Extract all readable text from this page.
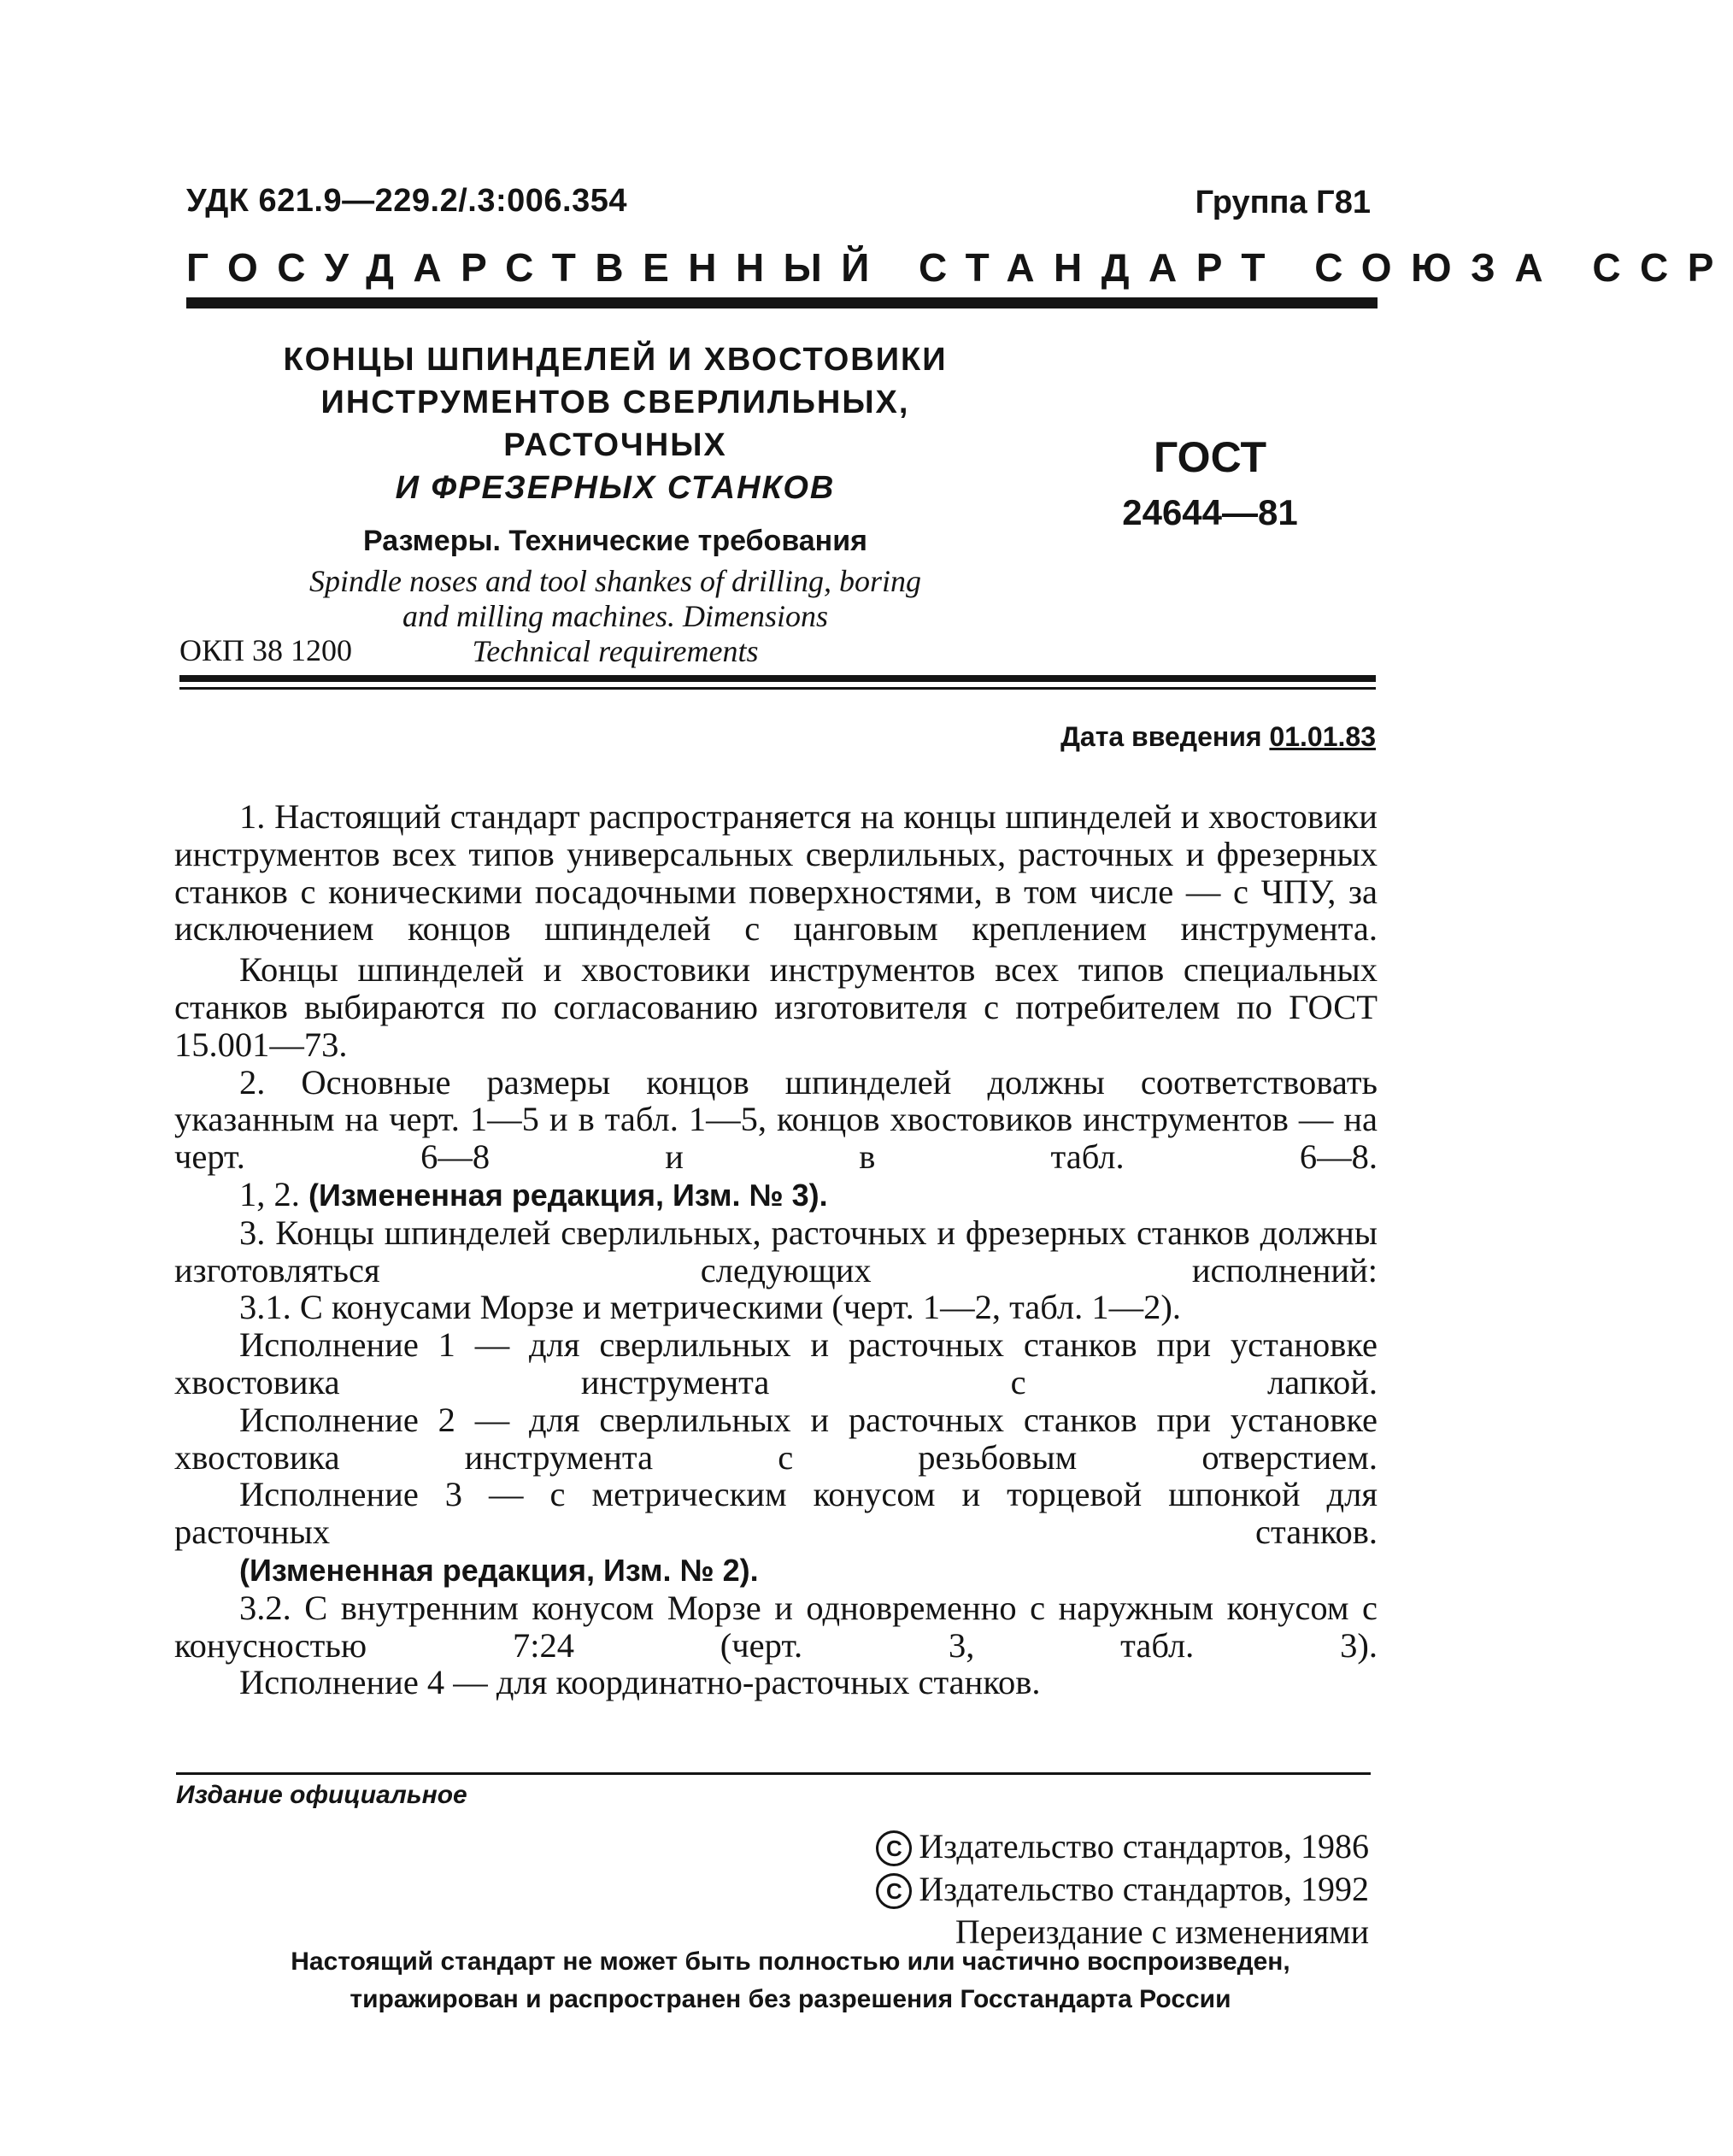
УДК 621.9—229.2/.3:006.354	Группа Г81
ГОСУДАРСТВЕННЫЙ СТАНДАРТ СОЮЗА ССР
КОНЦЫ ШПИНДЕЛЕЙ И ХВОСТОВИКИ
ИНСТРУМЕНТОВ СВЕРЛИЛЬНЫХ, РАСТОЧНЫХ
И ФРЕЗЕРНЫХ СТАНКОВ
Размеры. Технические требования
Spindle noses and tool shankes of drilling, boring
and milling machines. Dimensions
Technical requirements
ГОСТ
24644—81
ОКП 38 1200
Дата введения 01.01.83

1. Настоящий стандарт распространяется на концы шпинделей и хвостовики инструментов всех типов универсальных сверлильных, расточных и фрезерных станков с коническими посадочными поверхностями, в том числе — с ЧПУ, за исключением концов шпинделей с цанговым креплением инструмента.

Концы шпинделей и хвостовики инструментов всех типов специальных станков выбираются по согласованию изготовителя с потребителем по ГОСТ 15.001—73.

2. Основные размеры концов шпинделей должны соответствовать указанным на черт. 1—5 и в табл. 1—5, концов хвостовиков инструментов — на черт. 6—8 и в табл. 6—8.

1, 2. (Измененная редакция, Изм. № 3).

3. Концы шпинделей сверлильных, расточных и фрезерных станков должны изготовляться следующих исполнений:

3.1. С конусами Морзе и метрическими (черт. 1—2, табл. 1—2).

Исполнение 1 — для сверлильных и расточных станков при установке хвостовика инструмента с лапкой.

Исполнение 2 — для сверлильных и расточных станков при установке хвостовика инструмента с резьбовым отверстием.

Исполнение 3 — с метрическим конусом и торцевой шпонкой для расточных станков.

(Измененная редакция, Изм. № 2).

3.2. С внутренним конусом Морзе и одновременно с наружным конусом с конусностью 7:24 (черт. 3, табл. 3).

Исполнение 4 — для координатно-расточных станков.

Издание официальное
C Издательство стандартов, 1986
C Издательство стандартов, 1992
Переиздание с изменениями
Настоящий стандарт не может быть полностью или частично воспроизведен,
тиражирован и распространен без разрешения Госстандарта России
